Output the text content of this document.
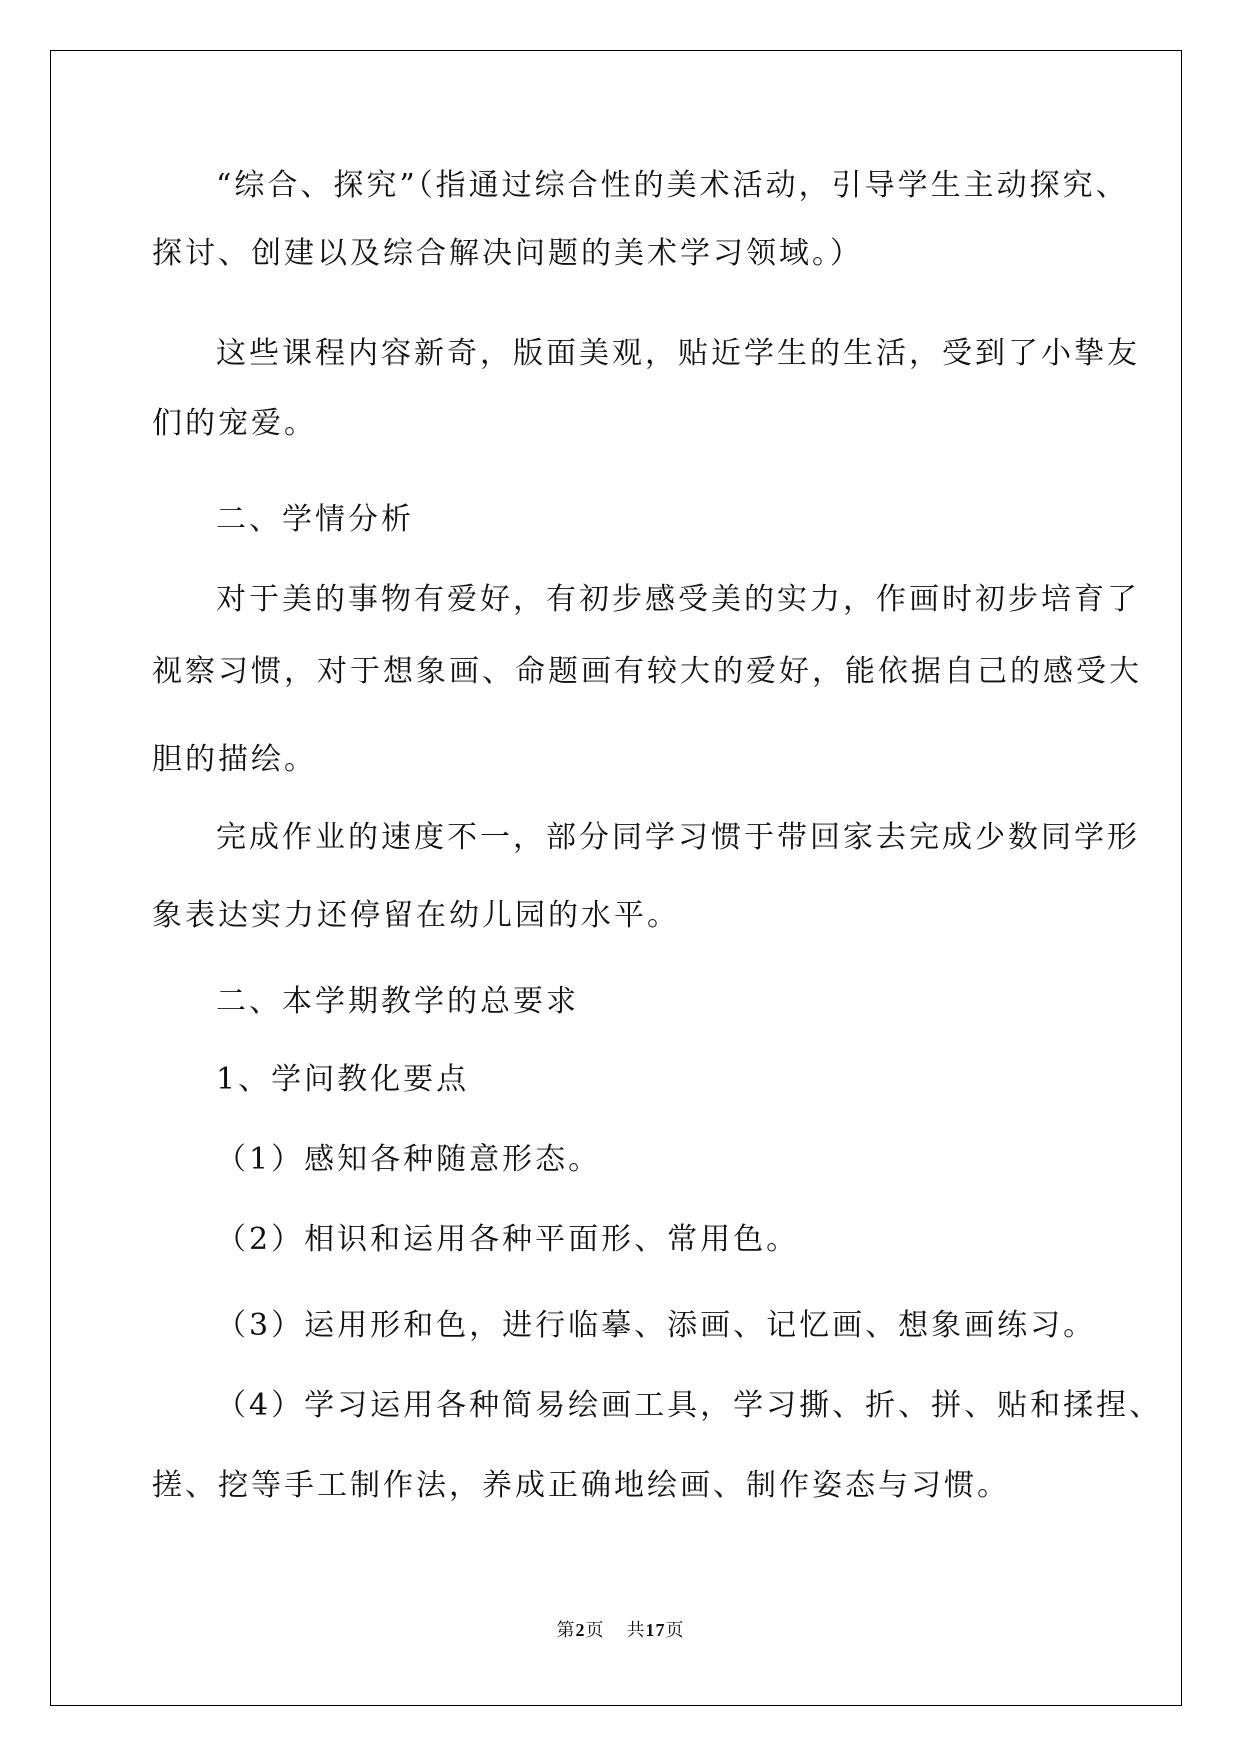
“综合、探究”（指通过综合性的美术活动，引导学生主动探究、
探讨、创建以及综合解决问题的美术学习领域。）
这些课程内容新奇，版面美观，贴近学生的生活，受到了小挚友
们的宠爱。
二、学情分析
对于美的事物有爱好，有初步感受美的实力，作画时初步培育了
视察习惯，对于想象画、命题画有较大的爱好，能依据自己的感受大
胆的描绘。
完成作业的速度不一，部分同学习惯于带回家去完成少数同学形
象表达实力还停留在幼儿园的水平。
二、本学期教学的总要求
1、学问教化要点
（1）感知各种随意形态。
（2）相识和运用各种平面形、常用色。
（3）运用形和色，进行临摹、添画、记忆画、想象画练习。
（4）学习运用各种简易绘画工具，学习撕、折、拼、贴和揉捏、
搓、挖等手工制作法，养成正确地绘画、制作姿态与习惯。
第2页 共17页
